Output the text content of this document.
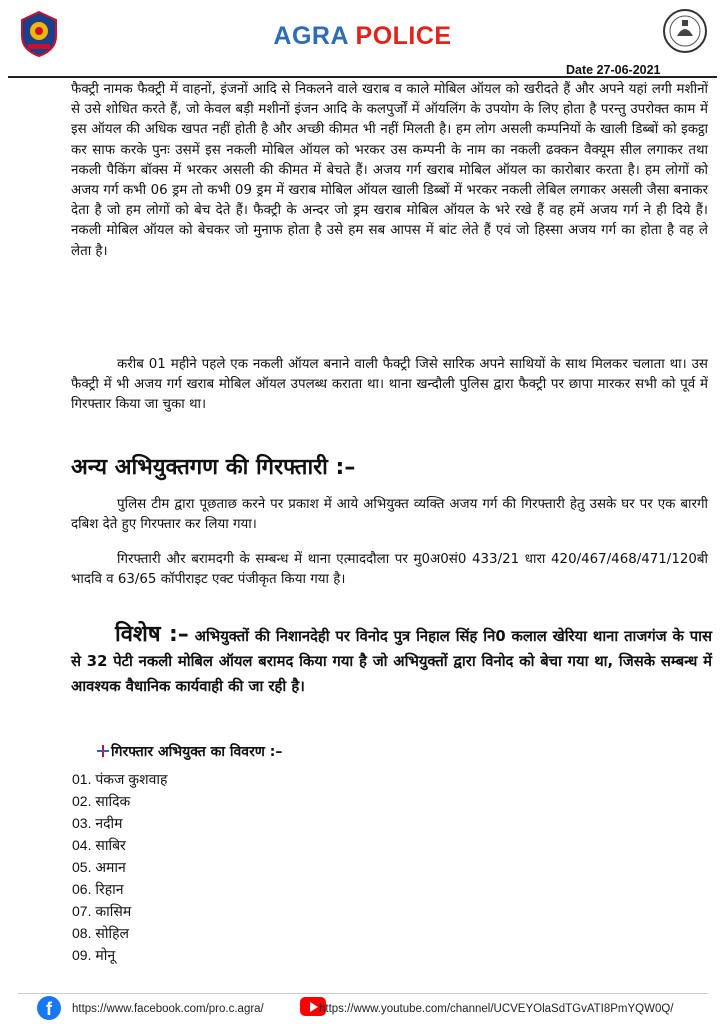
AGRA POLICE
Date 27-06-2021
फैक्ट्री नामक फैक्ट्री में वाहनों, इंजनों आदि से निकलने वाले खराब व काले मोबिल ऑयल को खरीदते हैं और अपने यहां लगी मशीनों से उसे शोधित करते हैं, जो केवल बड़ी मशीनों इंजन आदि के कलपुर्जों में ऑयलिंग के उपयोग के लिए होता है परन्तु उपरोक्त काम में इस ऑयल की अधिक खपत नहीं होती है और अच्छी कीमत भी नहीं मिलती है। हम लोग असली कम्पनियों के खाली डिब्बों को इकट्ठा कर साफ करके पुनः उसमें इस नकली मोबिल ऑयल को भरकर उस कम्पनी के नाम का नकली ढक्कन वैक्यूम सील लगाकर तथा नकली पैकिंग बॉक्स में भरकर असली की कीमत में बेचते हैं। अजय गर्ग खराब मोबिल ऑयल का कारोबार करता है। हम लोगों को अजय गर्ग कभी 06 ड्रम तो कभी 09 ड्रम में खराब मोबिल ऑयल खाली डिब्बों में भरकर नकली लेबिल लगाकर असली जैसा बनाकर देता है जो हम लोगों को बेच देते हैं। फैक्ट्री के अन्दर जो ड्रम खराब मोबिल ऑयल के भरे रखे हैं वह हमें अजय गर्ग ने ही दिये हैं। नकली मोबिल ऑयल को बेचकर जो मुनाफ होता है उसे हम सब आपस में बांट लेते हैं एवं जो हिस्सा अजय गर्ग का होता है वह ले लेता है।
करीब 01 महीने पहले एक नकली ऑयल बनाने वाली फैक्ट्री जिसे सारिक अपने साथियों के साथ मिलकर चलाता था। उस फैक्ट्री में भी अजय गर्ग खराब मोबिल ऑयल उपलब्ध कराता था। थाना खन्दौली पुलिस द्वारा फैक्ट्री पर छापा मारकर सभी को पूर्व में गिरफ्तार किया जा चुका था।
अन्य अभियुक्तगण की गिरफ्तारी :–
पुलिस टीम द्वारा पूछताछ करने पर प्रकाश में आये अभियुक्त व्यक्ति अजय गर्ग की गिरफ्तारी हेतु उसके घर पर एक बारगी दबिश देते हुए गिरफ्तार कर लिया गया।
गिरफ्तारी और बरामदगी के सम्बन्ध में थाना एत्माददौला पर मु0अ0सं0 433/21 धारा 420/467/468/471/120बी भादवि व 63/65 कॉपीराइट एक्ट पंजीकृत किया गया है।
विशेष :– अभियुक्तों की निशानदेही पर विनोद पुत्र निहाल सिंह नि0 कलाल खेरिया थाना ताजगंज के पास से 32 पेटी नकली मोबिल ऑयल बरामद किया गया है जो अभियुक्तों द्वारा विनोद को बेचा गया था, जिसके सम्बन्ध में आवश्यक वैधानिक कार्यवाही की जा रही है।
गिरफ्तार अभियुक्त का विवरण :–
01. पंकज कुशवाह
02. सादिक
03. नदीम
04. साबिर
05. अमान
06. रिहान
07. कासिम
08. सोहिल
09. मोनू
f	https://www.facebook.com/pro.c.agra/	https://www.youtube.com/channel/UCVEYOlaSdTGvATI8PmYQW0Q/
